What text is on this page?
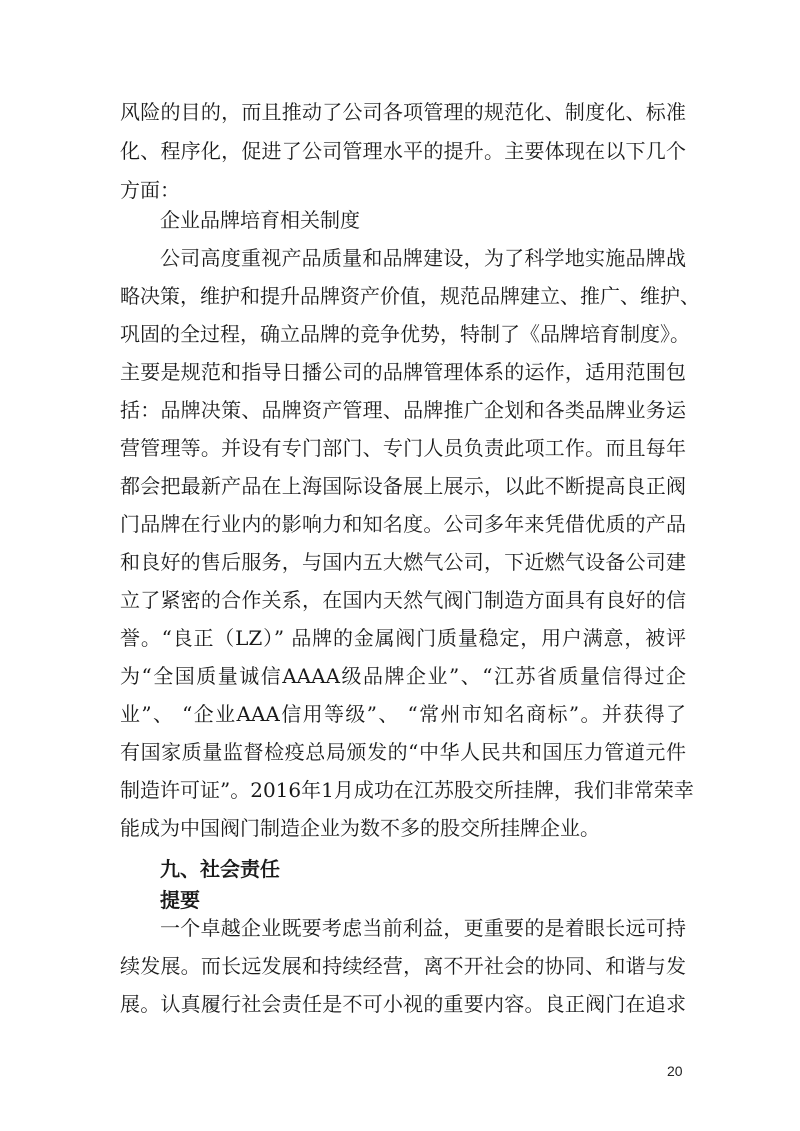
风险的目的，而且推动了公司各项管理的规范化、制度化、标准
化、程序化，促进了公司管理水平的提升。主要体现在以下几个
方面：
企业品牌培育相关制度
公司高度重视产品质量和品牌建设，为了科学地实施品牌战
略决策，维护和提升品牌资产价值，规范品牌建立、推广、维护、
巩固的全过程，确立品牌的竞争优势，特制了《品牌培育制度》。
主要是规范和指导日播公司的品牌管理体系的运作，适用范围包
括：品牌决策、品牌资产管理、品牌推广企划和各类品牌业务运
营管理等。并设有专门部门、专门人员负责此项工作。而且每年
都会把最新产品在上海国际设备展上展示，以此不断提高良正阀
门品牌在行业内的影响力和知名度。公司多年来凭借优质的产品
和良好的售后服务，与国内五大燃气公司，下近燃气设备公司建
立了紧密的合作关系，在国内天然气阀门制造方面具有良好的信
誉。“良正（LZ）” 品牌的金属阀门质量稳定，用户满意，被评
为“全国质量诚信AAAA级品牌企业”、“江苏省质量信得过企
业”、 “企业AAA信用等级”、 “常州市知名商标”。并获得了
有国家质量监督检疫总局颁发的“中华人民共和国压力管道元件
制造许可证”。2016年1月成功在江苏股交所挂牌，我们非常荣幸
能成为中国阀门制造企业为数不多的股交所挂牌企业。
九、社会责任
提要
一个卓越企业既要考虑当前利益，更重要的是着眼长远可持
续发展。而长远发展和持续经营，离不开社会的协同、和谐与发
展。认真履行社会责任是不可小视的重要内容。良正阀门在追求
20
